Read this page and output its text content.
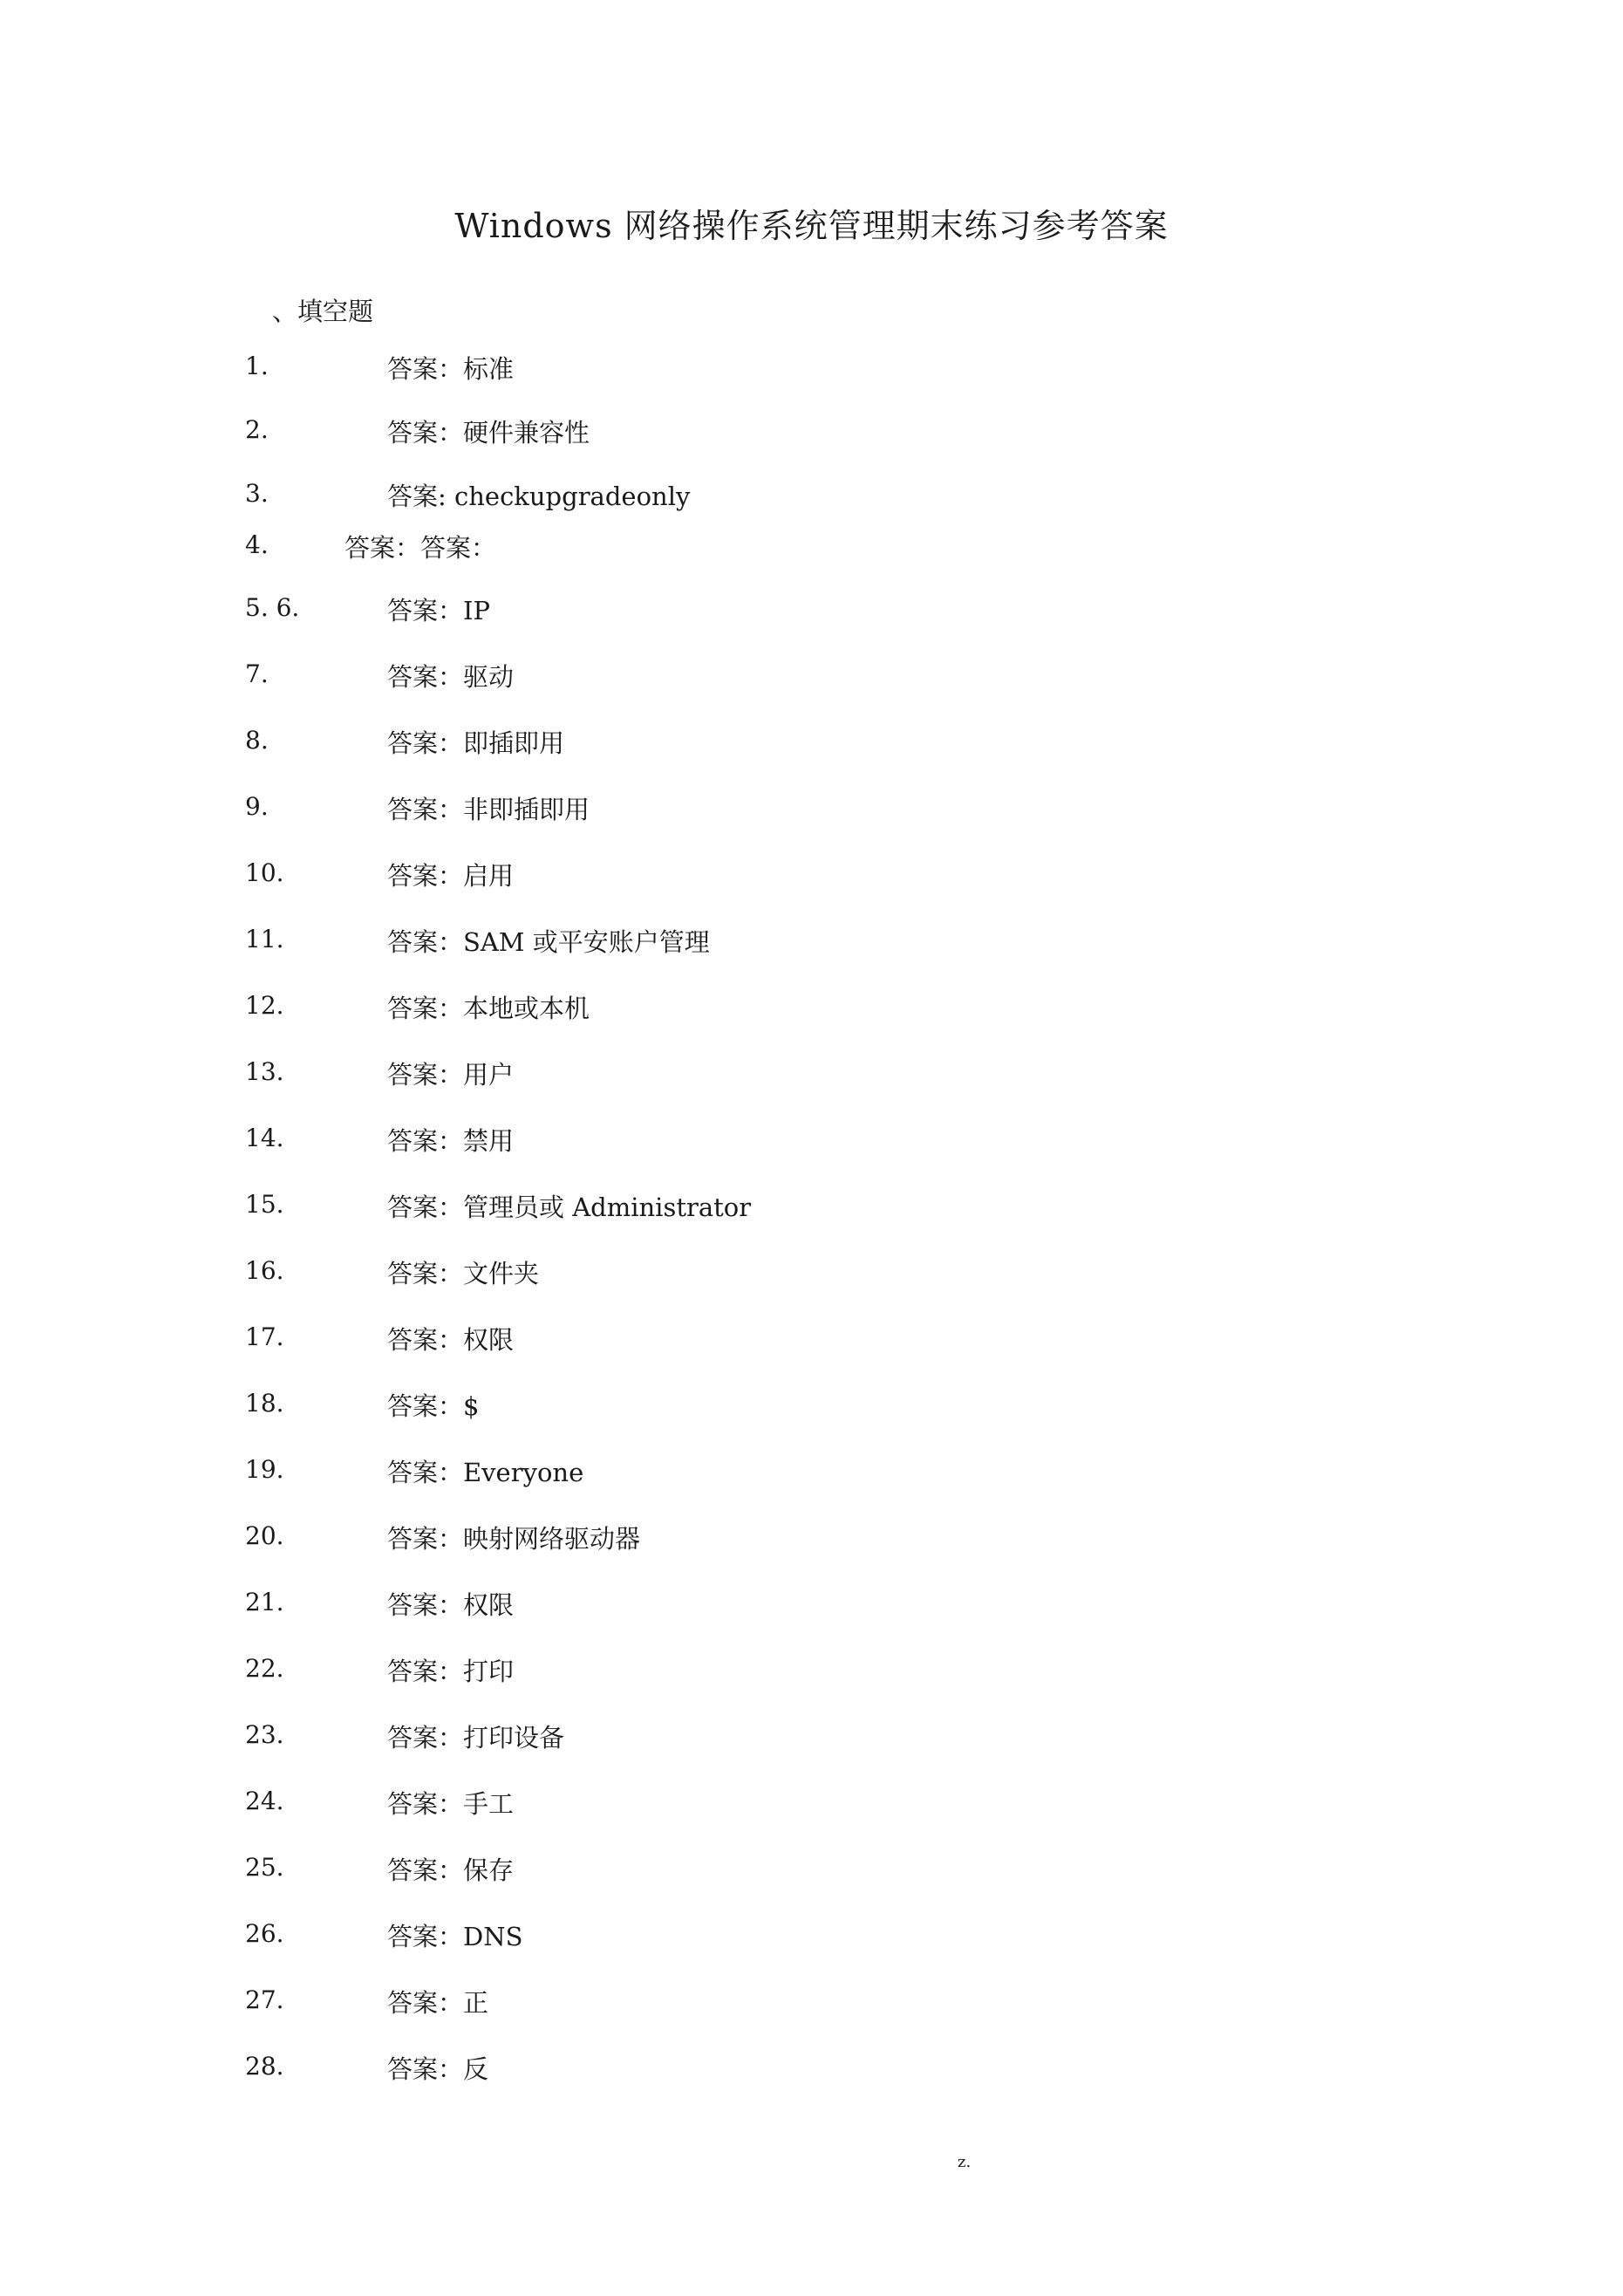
Windows 网络操作系统管理期末练习参考答案
、填空题
1.	答案：标准
2.	答案：硬件兼容性
3.	答案: checkupgradeonly
4.	答案：答案：
5. 6.	答案：IP
7.	答案：驱动
8.	答案：即插即用
9.	答案：非即插即用
10.	答案：启用
11.	答案：SAM 或平安账户管理
12.	答案：本地或本机
13.	答案：用户
14.	答案：禁用
15.	答案：管理员或 Administrator
16.	答案：文件夹
17.	答案：权限
18.	答案：$
19.	答案：Everyone
20.	答案：映射网络驱动器
21.	答案：权限
22.	答案：打印
23.	答案：打印设备
24.	答案：手工
25.	答案：保存
26.	答案：DNS
27.	答案：正
28.	答案：反
z.
